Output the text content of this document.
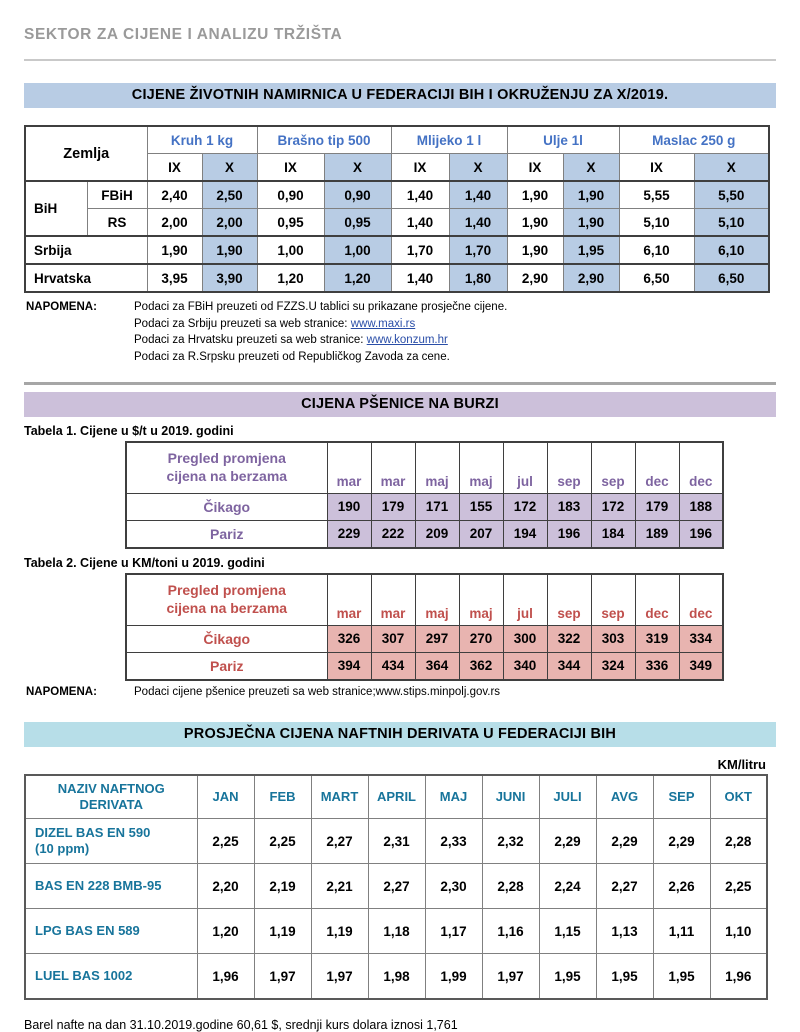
SEKTOR ZA CIJENE I ANALIZU TRŽIŠTA
CIJENE ŽIVOTNIH NAMIRNICA U FEDERACIJI BIH I OKRUŽENJU ZA X/2019.
Zemlja		Kruh 1 kg		Brašno tip 500		Mlijeko 1 l		Ulje 1l		Maslac 250 g	
		IX	X	IX	X	IX	X	IX	X	IX	X
BiH	FBiH	2,40	2,50	0,90	0,90	1,40	1,40	1,90	1,90	5,55	5,50
	RS	2,00	2,00	0,95	0,95	1,40	1,40	1,90	1,90	5,10	5,10
Srbija		1,90	1,90	1,00	1,00	1,70	1,70	1,90	1,95	6,10	6,10
Hrvatska		3,95	3,90	1,20	1,20	1,40	1,80	2,90	2,90	6,50	6,50
NAPOMENA:	Podaci za FBiH preuzeti od FZZS.U tablici su prikazane prosječne cijene.
Podaci za Srbiju preuzeti sa web stranice: www.maxi.rs
Podaci za Hrvatsku preuzeti sa web stranice: www.konzum.hr
Podaci za R.Srpsku preuzeti od Republičkog Zavoda za cene.
CIJENA PŠENICE NA BURZI
Tabela 1. Cijene u $/t u 2019. godini
Pregled promjena
cijena na berzama	mar	mar	maj	maj	jul	sep	sep	dec	dec
Čikago	190	179	171	155	172	183	172	179	188
Pariz	229	222	209	207	194	196	184	189	196
Tabela 2. Cijene u KM/toni u 2019. godini
Pregled promjena
cijena na berzama	mar	mar	maj	maj	jul	sep	sep	dec	dec
Čikago	326	307	297	270	300	322	303	319	334
Pariz	394	434	364	362	340	344	324	336	349
NAPOMENA:	Podaci cijene pšenice preuzeti sa web stranice;www.stips.minpolj.gov.rs
PROSJEČNA CIJENA NAFTNIH DERIVATA U FEDERACIJI BIH
KM/litru
NAZIV NAFTNOG
DERIVATA	JAN	FEB	MART	APRIL	MAJ	JUNI	JULI	AVG	SEP	OKT

DIZEL BAS EN 590
(10 ppm)	2,25	2,25	2,27	2,31	2,33	2,32	2,29	2,29	2,29	2,28

BAS EN 228 BMB-95	2,20	2,19	2,21	2,27	2,30	2,28	2,24	2,27	2,26	2,25

LPG BAS EN 589	1,20	1,19	1,19	1,18	1,17	1,16	1,15	1,13	1,11	1,10

LUEL BAS 1002	1,96	1,97	1,97	1,98	1,99	1,97	1,95	1,95	1,95	1,96
Barel nafte na dan 31.10.2019.godine 60,61 $, srednji kurs dolara iznosi 1,761
